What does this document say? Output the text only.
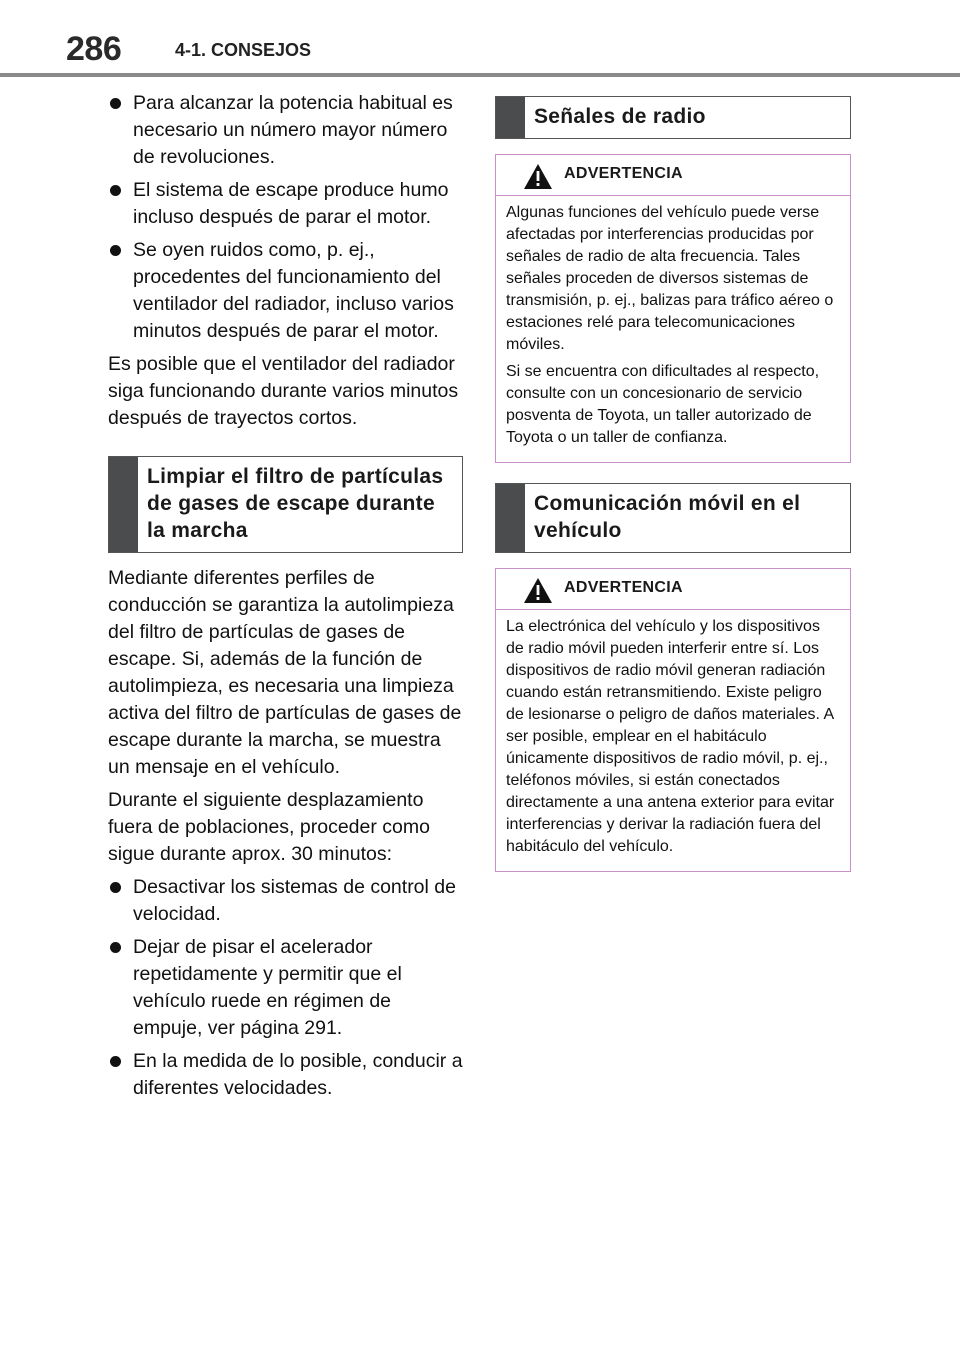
286	4-1. CONSEJOS
Para alcanzar la potencia habitual es necesario un número mayor número de revoluciones.
El sistema de escape produce humo incluso después de parar el motor.
Se oyen ruidos como, p. ej., procedentes del funcionamiento del ventilador del radiador, incluso varios minutos después de parar el motor.

Es posible que el ventilador del radiador siga funcionando durante varios minutos después de trayectos cortos.

Limpiar el filtro de partículas de gases de escape durante la marcha

Mediante diferentes perfiles de conducción se garantiza la autolimpieza del filtro de partículas de gases de escape. Si, además de la función de autolimpieza, es necesaria una limpieza activa del filtro de partículas de gases de escape durante la marcha, se muestra un mensaje en el vehículo.

Durante el siguiente desplazamiento fuera de poblaciones, proceder como sigue durante aprox. 30 minutos:

Desactivar los sistemas de control de velocidad.
Dejar de pisar el acelerador repetidamente y permitir que el vehículo ruede en régimen de empuje, ver página 291.
En la medida de lo posible, conducir a diferentes velocidades.
Señales de radio
ADVERTENCIA

Algunas funciones del vehículo puede verse afectadas por interferencias producidas por señales de radio de alta frecuencia. Tales señales proceden de diversos sistemas de transmisión, p. ej., balizas para tráfico aéreo o estaciones relé para telecomunicaciones móviles.

Si se encuentra con dificultades al respecto, consulte con un concesionario de servicio posventa de Toyota, un taller autorizado de Toyota o un taller de confianza.

Comunicación móvil en el vehículo
ADVERTENCIA

La electrónica del vehículo y los dispositivos de radio móvil pueden interferir entre sí. Los dispositivos de radio móvil generan radiación cuando están retransmitiendo. Existe peligro de lesionarse o peligro de daños materiales. A ser posible, emplear en el habitáculo únicamente dispositivos de radio móvil, p. ej., teléfonos móviles, si están conectados directamente a una antena exterior para evitar interferencias y derivar la radiación fuera del habitáculo del vehículo.
